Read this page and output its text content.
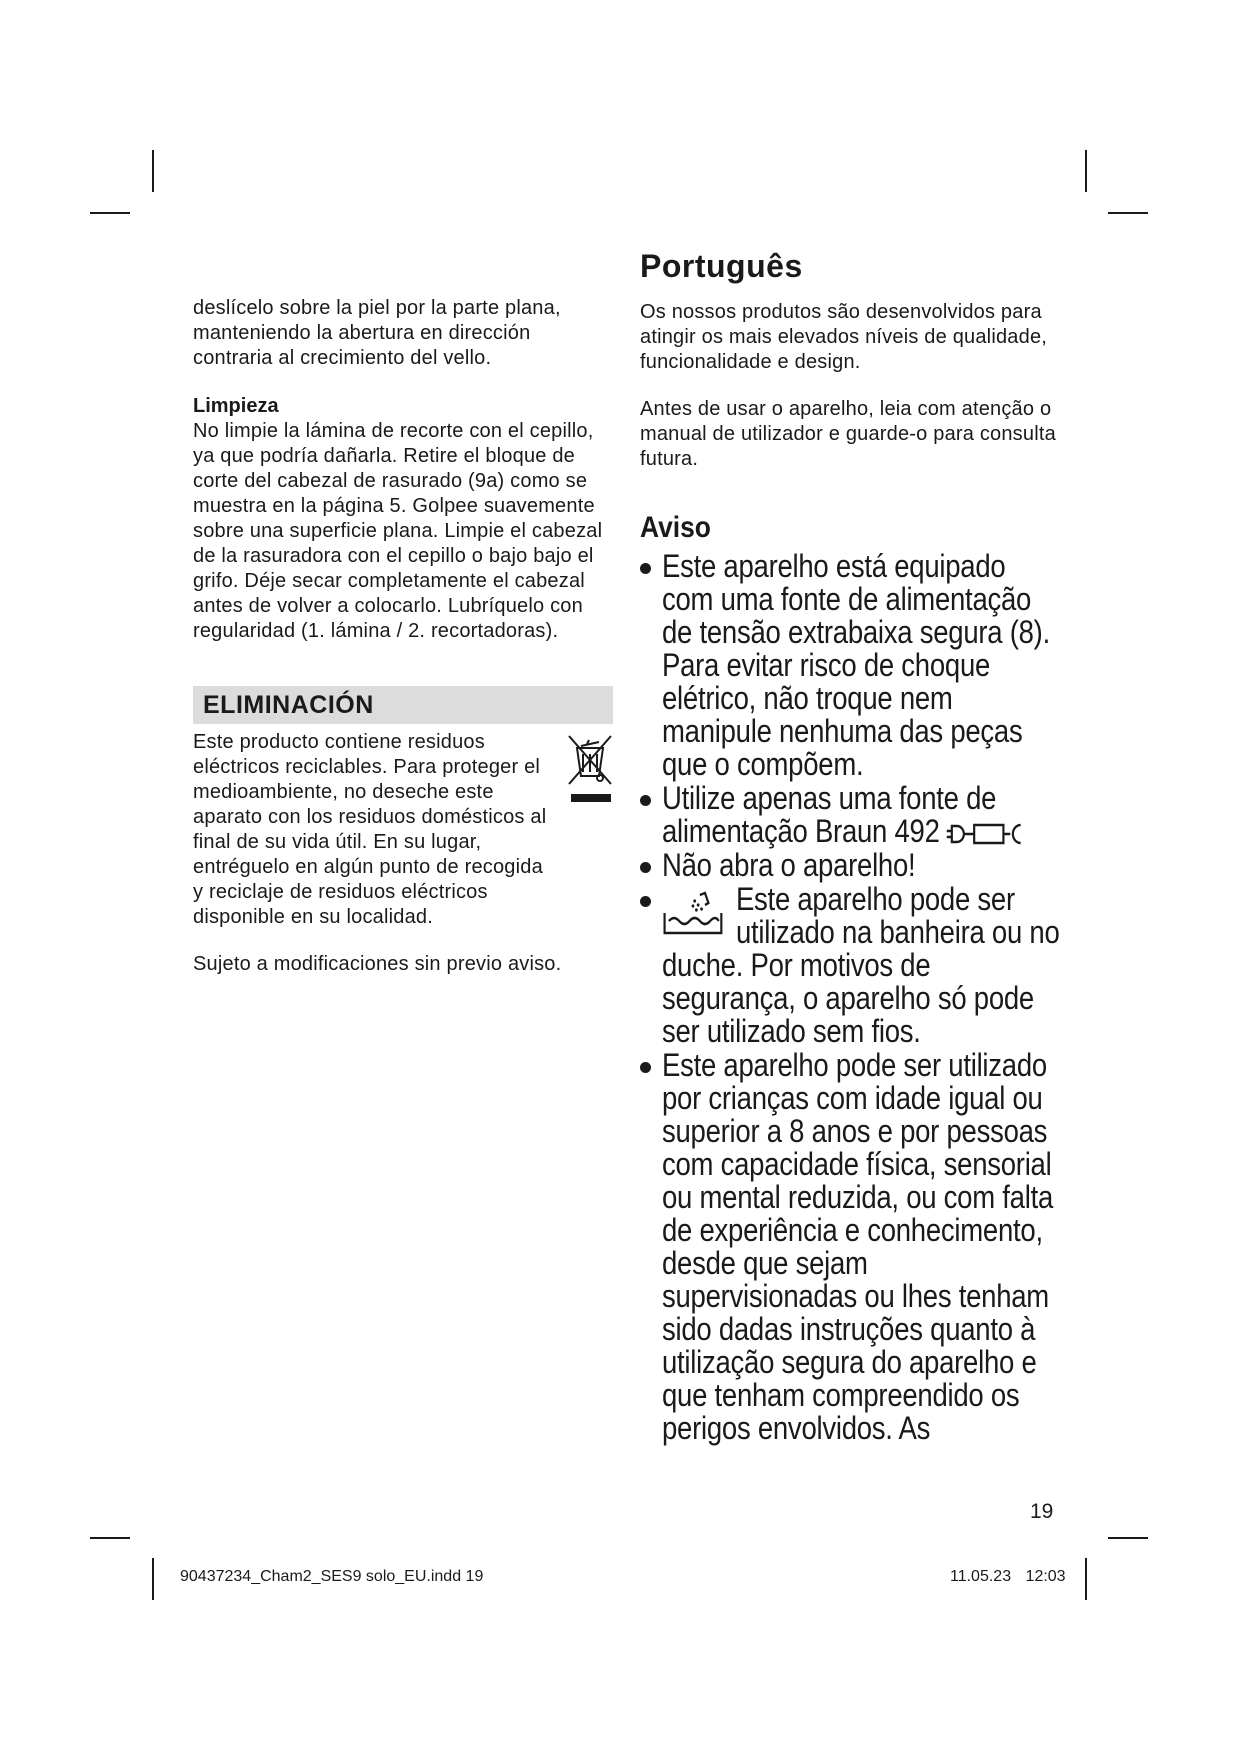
deslícelo sobre la piel por la parte plana, manteniendo la abertura en dirección contraria al crecimiento del vello.

Limpieza

No limpie la lámina de recorte con el cepillo, ya que podría dañarla. Retire el bloque de corte del cabezal de rasurado (9a) como se muestra en la página 5. Golpee suavemente sobre una superficie plana. Limpie el cabezal de la rasuradora con el cepillo o bajo bajo el grifo. Déje secar completamente el cabezal antes de volver a colocarlo. Lubríquelo con regularidad (1. lámina / 2. recortadoras).

ELIMINACIÓN

Este producto contiene residuos eléctricos reciclables. Para proteger el medioambiente, no deseche este aparato con los residuos domésticos al final de su vida útil. En su lugar, entréguelo en algún punto de recogida y reciclaje de residuos eléctricos disponible en su localidad.

Sujeto a modificaciones sin previo aviso.

Português

Os nossos produtos são desenvolvidos para atingir os mais elevados níveis de qualidade, funcionalidade e design.

Antes de usar o aparelho, leia com atenção o manual de utilizador e guarde-o para consulta futura.

Aviso
Este aparelho está equipado com uma fonte de alimentação de tensão extrabaixa segura (8). Para evitar risco de choque elétrico, não troque nem manipule nenhuma das peças que o compõem.
Utilize apenas uma fonte de alimentação Braun 492
Não abra o aparelho!
Este aparelho pode ser utilizado na banheira ou no duche. Por motivos de segurança, o aparelho só pode ser utilizado sem fios.
Este aparelho pode ser utilizado por crianças com idade igual ou superior a 8 anos e por pessoas com capacidade física, sensorial ou mental reduzida, ou com falta de experiência e conhecimento, desde que sejam supervisionadas ou lhes tenham sido dadas instruções quanto à utilização segura do aparelho e que tenham compreendido os perigos envolvidos. As
19
90437234_Cham2_SES9 solo_EU.indd 19	11.05.23 12:03
